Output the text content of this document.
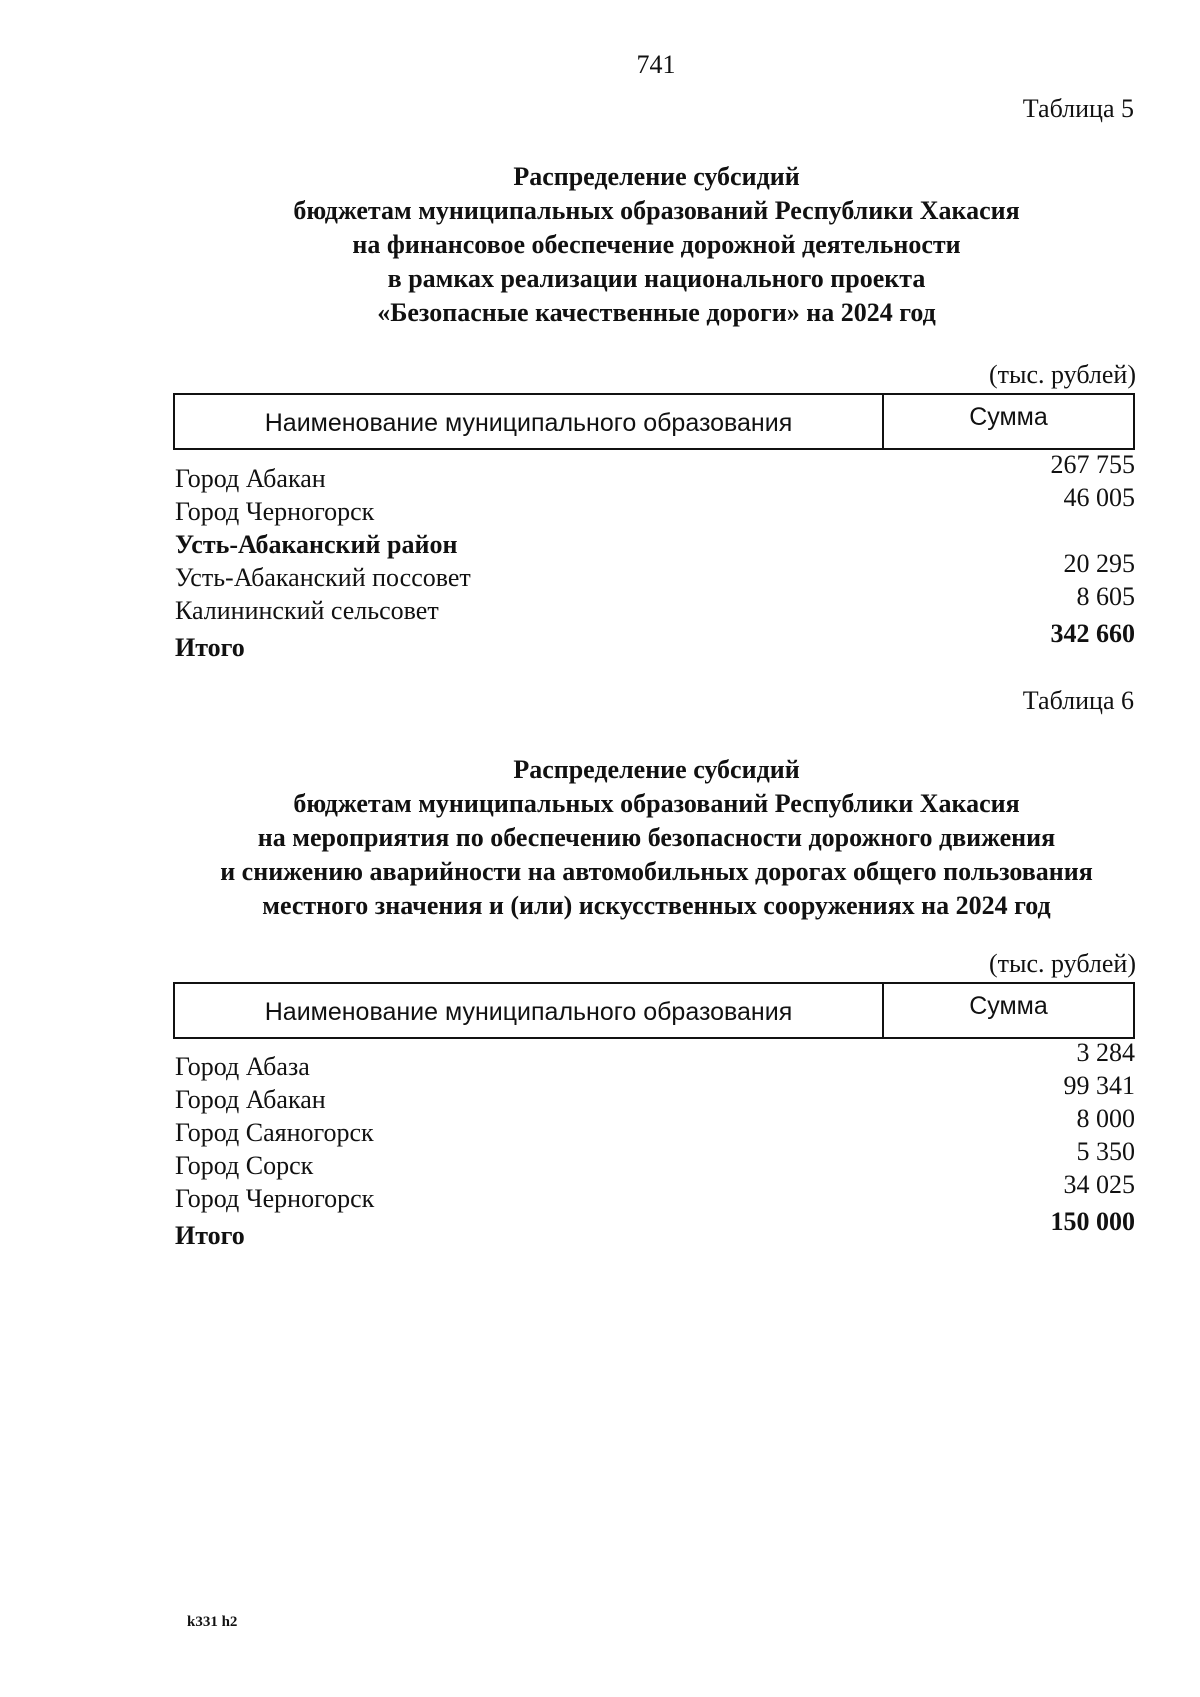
741
Таблица 5
Распределение субсидий
бюджетам муниципальных образований Республики Хакасия
на финансовое обеспечение дорожной деятельности
в рамках реализации национального проекта
«Безопасные качественные дороги» на 2024 год
(тыс. рублей)
Наименование муниципального образования	Сумма
Город Абакан	267 755
Город Черногорск	46 005
Усть-Абаканский район
Усть-Абаканский поссовет	20 295
Калининский сельсовет	8 605
Итого	342 660
Таблица 6
Распределение субсидий
бюджетам муниципальных образований Республики Хакасия
на мероприятия по обеспечению безопасности дорожного движения
и снижению аварийности на автомобильных дорогах общего пользования
местного значения и (или) искусственных сооружениях на 2024 год
(тыс. рублей)
Наименование муниципального образования	Сумма
Город Абаза	3 284
Город Абакан	99 341
Город Саяногорск	8 000
Город Сорск	5 350
Город Черногорск	34 025
Итого	150 000
k331 h2
